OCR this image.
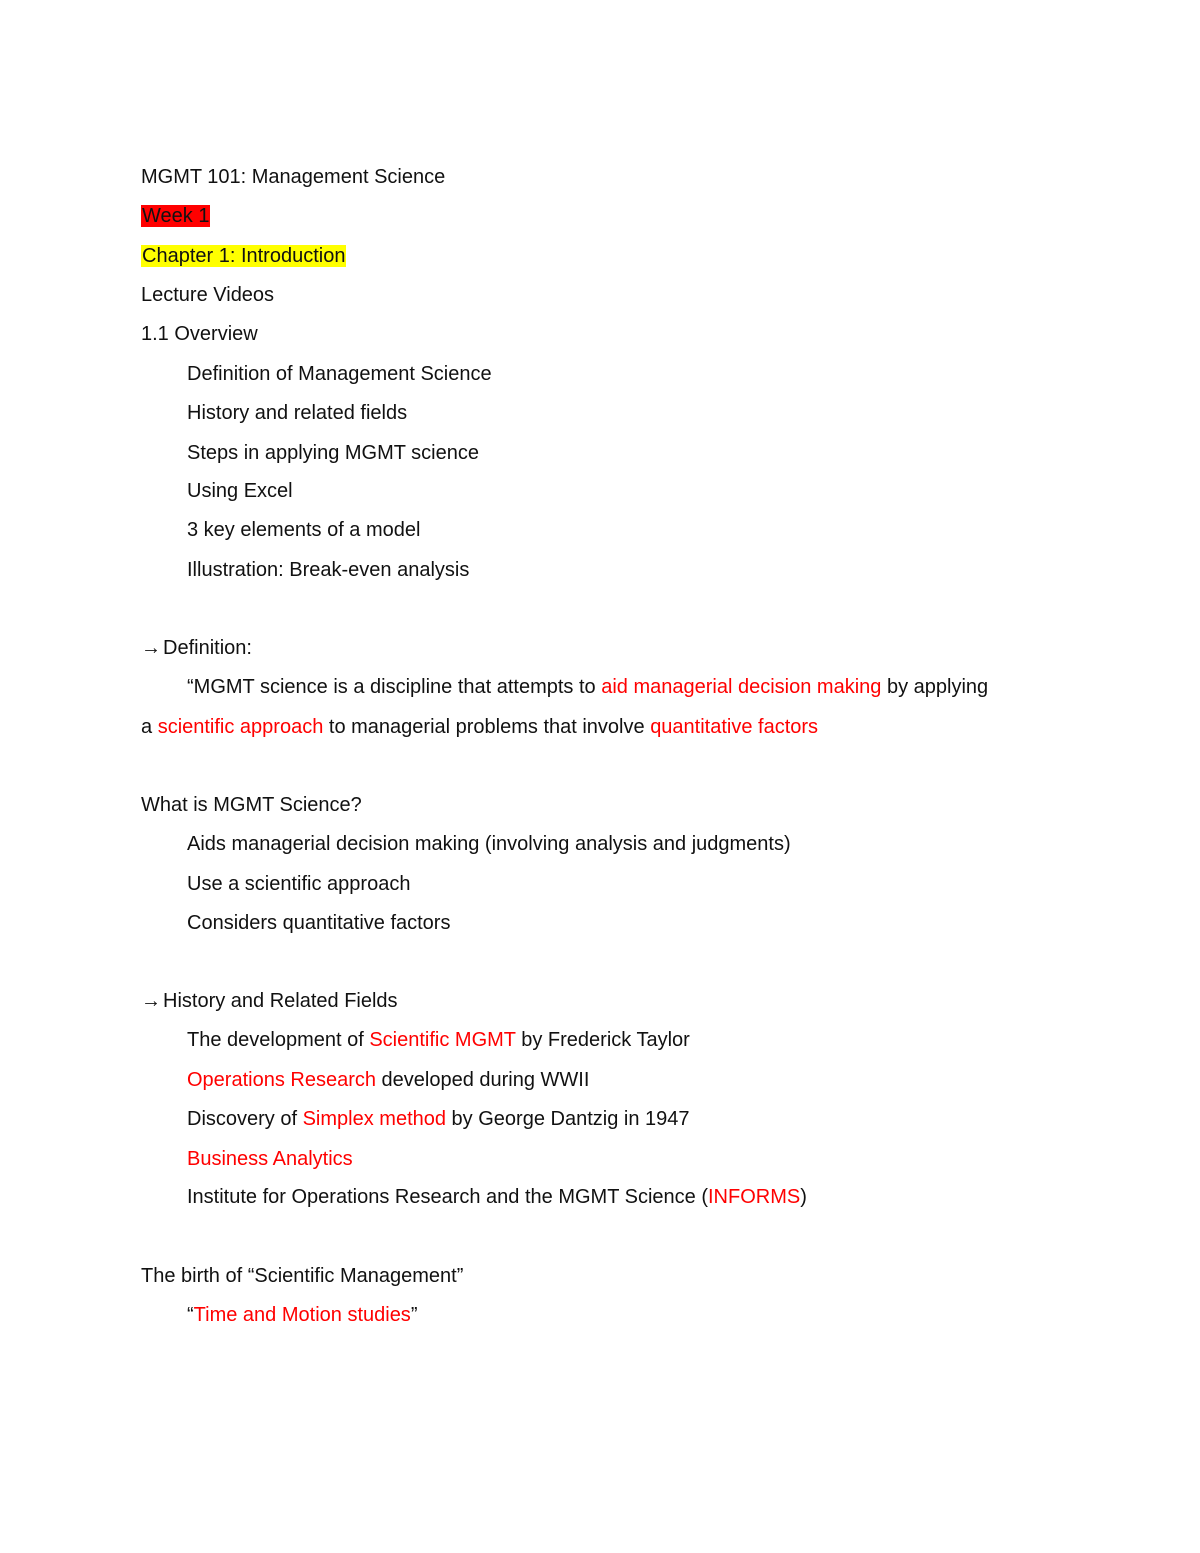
MGMT 101: Management Science
Week 1
Chapter 1: Introduction
Lecture Videos
1.1 Overview
Definition of Management Science
History and related fields
Steps in applying MGMT science
Using Excel
3 key elements of a model
Illustration: Break-even analysis
→ Definition:
“MGMT science is a discipline that attempts to aid managerial decision making by applying
a scientific approach to managerial problems that involve quantitative factors
What is MGMT Science?
Aids managerial decision making (involving analysis and judgments)
Use a scientific approach
Considers quantitative factors
→ History and Related Fields
The development of Scientific MGMT by Frederick Taylor
Operations Research developed during WWII
Discovery of Simplex method by George Dantzig in 1947
Business Analytics
Institute for Operations Research and the MGMT Science (INFORMS)
The birth of “Scientific Management”
“Time and Motion studies”
